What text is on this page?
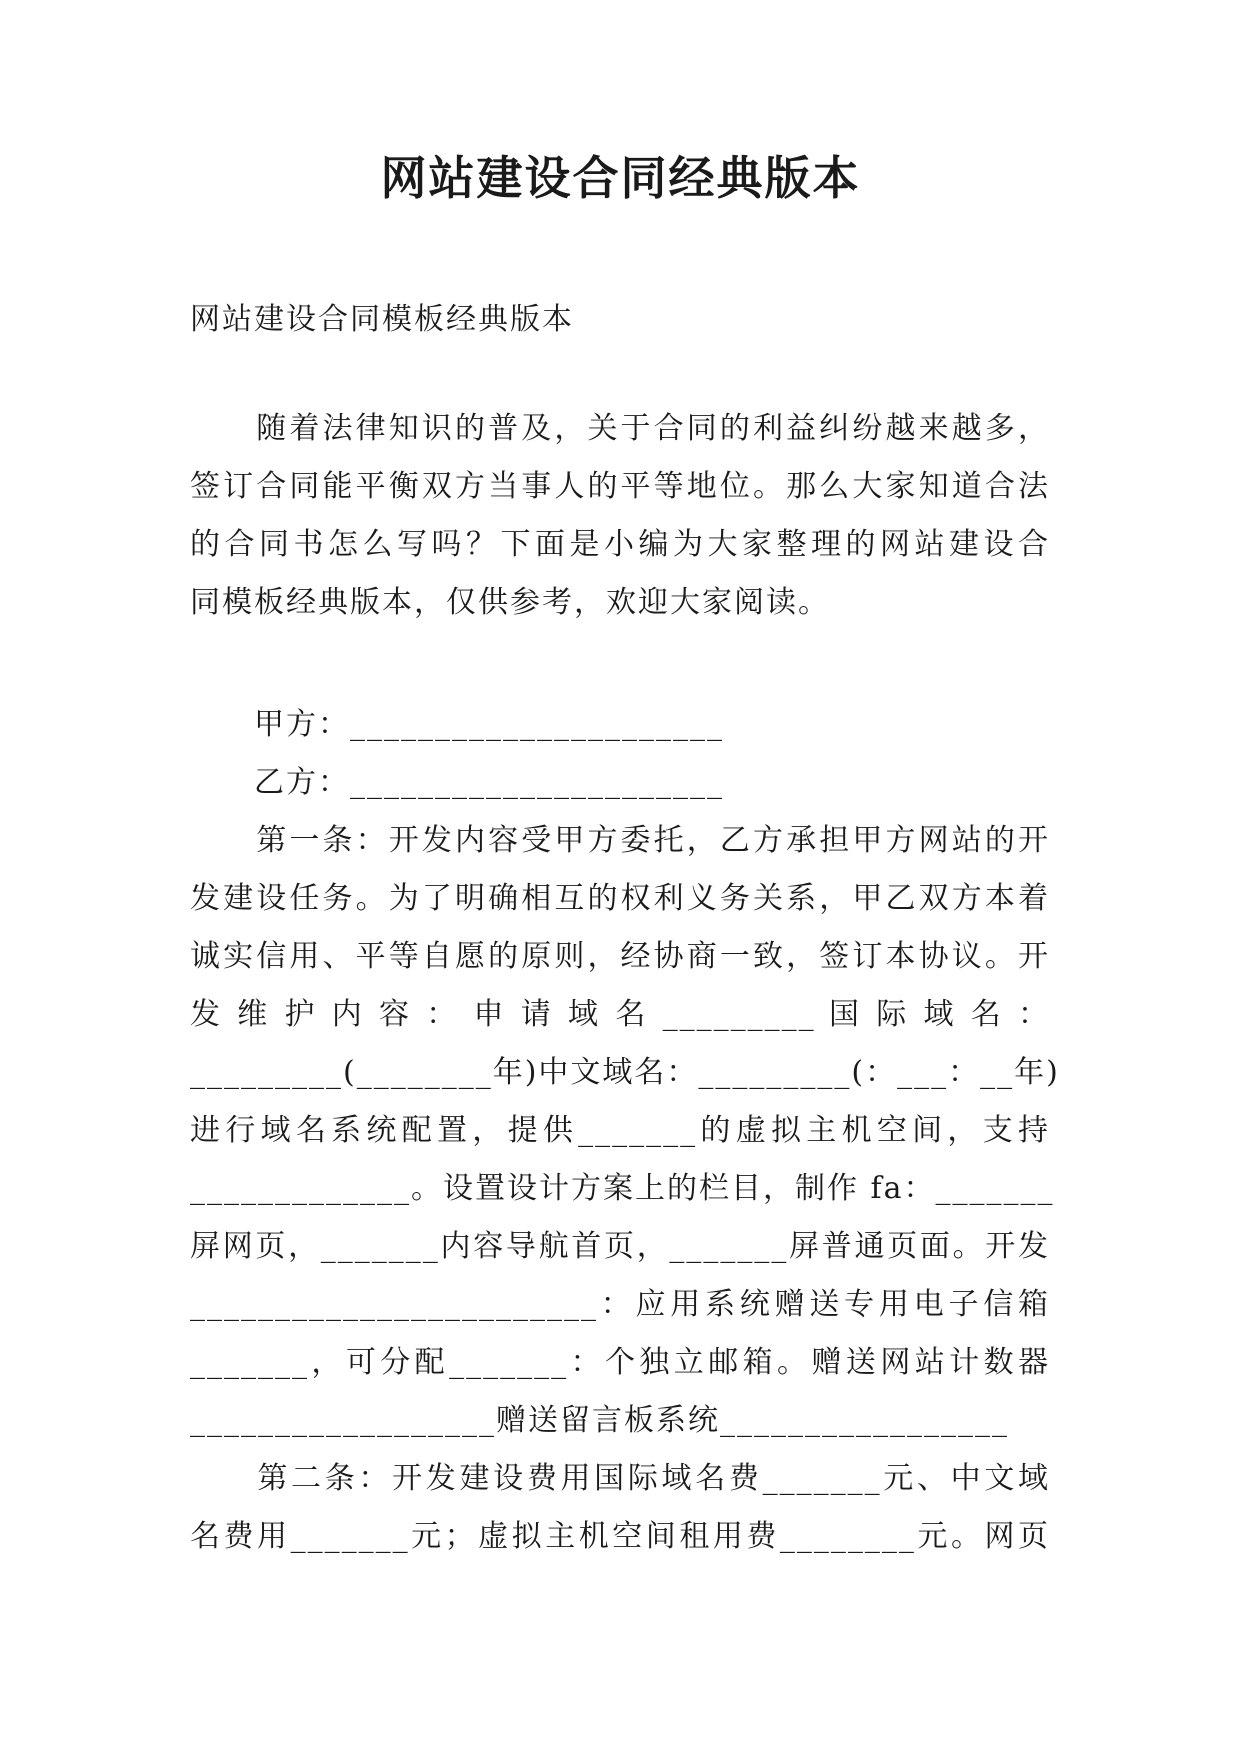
网站建设合同经典版本
网站建设合同模板经典版本
　　随着法律知识的普及，关于合同的利益纠纷越来越多，
签订合同能平衡双方当事人的平等地位。那么大家知道合法
的合同书怎么写吗？下面是小编为大家整理的网站建设合
同模板经典版本，仅供参考，欢迎大家阅读。
　　甲方：______________________
　　乙方：______________________
　　第一条：开发内容受甲方委托，乙方承担甲方网站的开
发建设任务。为了明确相互的权利义务关系，甲乙双方本着
诚实信用、平等自愿的原则，经协商一致，签订本协议。开
发 维 护 内 容 ： 申 请 域 名 _________ 国 际 域 名 ：
_________(________年)中文域名：_________(：___：__年)
进行域名系统配置，提供_______的虚拟主机空间，支持
_____________。设置设计方案上的栏目，制作 fa：_______
屏网页，_______内容导航首页，_______屏普通页面。开发
________________________：应用系统赠送专用电子信箱
_______，可分配_______：个独立邮箱。赠送网站计数器
__________________赠送留言板系统_________________
　　第二条：开发建设费用国际域名费_______元、中文域
名费用_______元；虚拟主机空间租用费________元。网页
